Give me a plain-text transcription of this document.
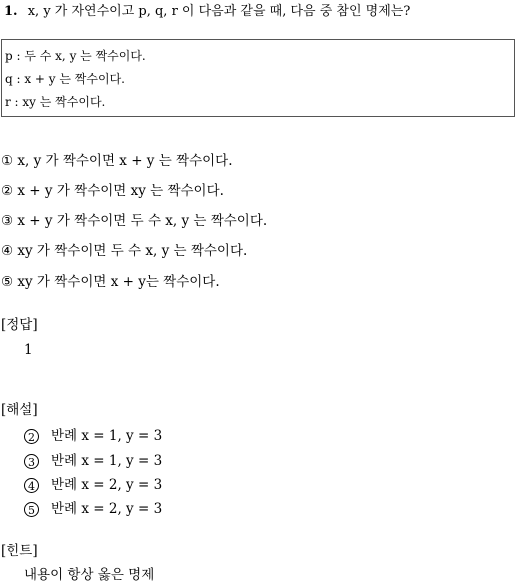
1. x, y 가 자연수이고 p, q, r 이 다음과 같을 때, 다음 중 참인 명제는?
p : 두 수 x, y 는 짝수이다.
q : x + y 는 짝수이다.
r : xy 는 짝수이다.
① x, y 가 짝수이면 x + y 는 짝수이다.
② x + y 가 짝수이면 xy 는 짝수이다.
③ x + y 가 짝수이면 두 수 x, y 는 짝수이다.
④ xy 가 짝수이면 두 수 x, y 는 짝수이다.
⑤ xy 가 짝수이면 x + y는 짝수이다.
[정답]
1
[해설]
2 반례 x = 1, y = 3
3 반례 x = 1, y = 3
4 반례 x = 2, y = 3
5 반례 x = 2, y = 3
[힌트]
내용이 항상 옳은 명제
